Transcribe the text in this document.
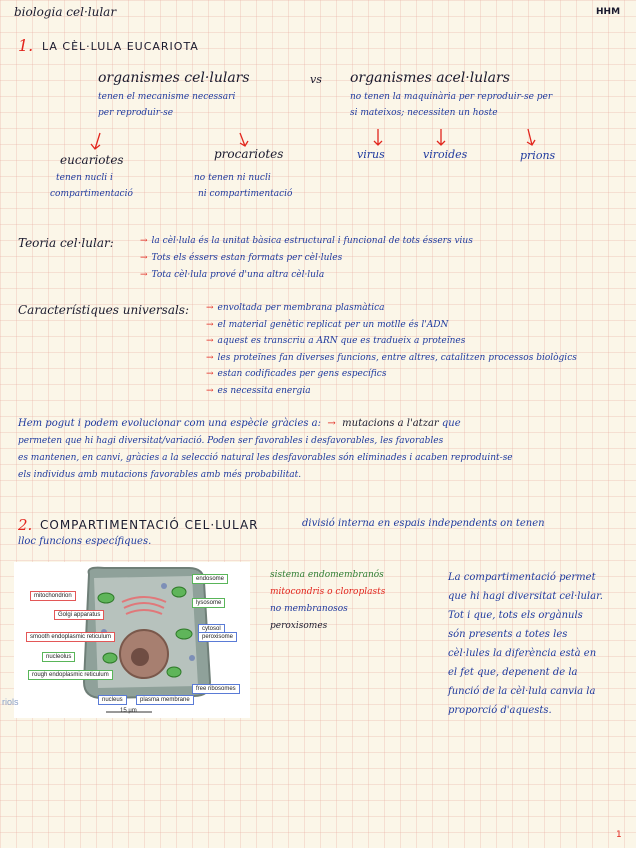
biologia cel·lular	HHM
1. LA CÈL·LULA EUCARIOTA
organismes cel·lulars	vs organismes acel·lulars
tenen el mecanisme necessari
per reproduir-se
no tenen la maquinària per reproduir-se per
si mateixos; necessiten un hoste
eucariotes
tenen nucli i
compartimentació
procariotes
no tenen ni nucli
ni compartimentació
virus	viroides	prions
Teoria cel·lular:	→ la cèl·lula és la unitat bàsica estructural i funcional de tots éssers vius
→ Tots els éssers estan formats per cèl·lules
→ Tota cèl·lula prové d'una altra cèl·lula
Característiques universals: → envoltada per membrana plasmàtica
→ el material genètic replicat per un motlle és l'ADN
→ aquest es transcriu a ARN que es tradueix a proteïnes
→ les proteïnes fan diverses funcions, entre altres, catalitzen processos biològics
→ estan codificades per gens específics
→ es necessita energia
Hem pogut i podem evolucionar com una espècie gràcies a:  →  mutacions a l'atzar que
permeten que hi hagi diversitat/variació. Poden ser favorables i desfavorables, les favorables
es mantenen, en canvi, gràcies a la selecció natural les desfavorables són eliminades i acaben reproduint-se
els individus amb mutacions favorables amb més probabilitat.
2. COMPARTIMENTACIÓ CEL·LULAR	divisió interna en espais independents on tenen
lloc funcions específiques.
mitochondrion
Golgi apparatus
smooth endoplasmic reticulum
nucleolus
rough endoplasmic reticulum
endosome
lysosome
cytosol
peroxisome
free ribosomes
nucleus	plasma membrane
15 µm
riols
sistema endomembranós
mitocondris o cloroplasts
no membranosos
peroxisomes
La compartimentació permet
que hi hagi diversitat cel·lular.
Tot i que, tots els orgànuls
són presents a totes les
cèl·lules la diferència està en
el fet que, depenent de la
funció de la cèl·lula canvia la
proporció d'aquests.
1
